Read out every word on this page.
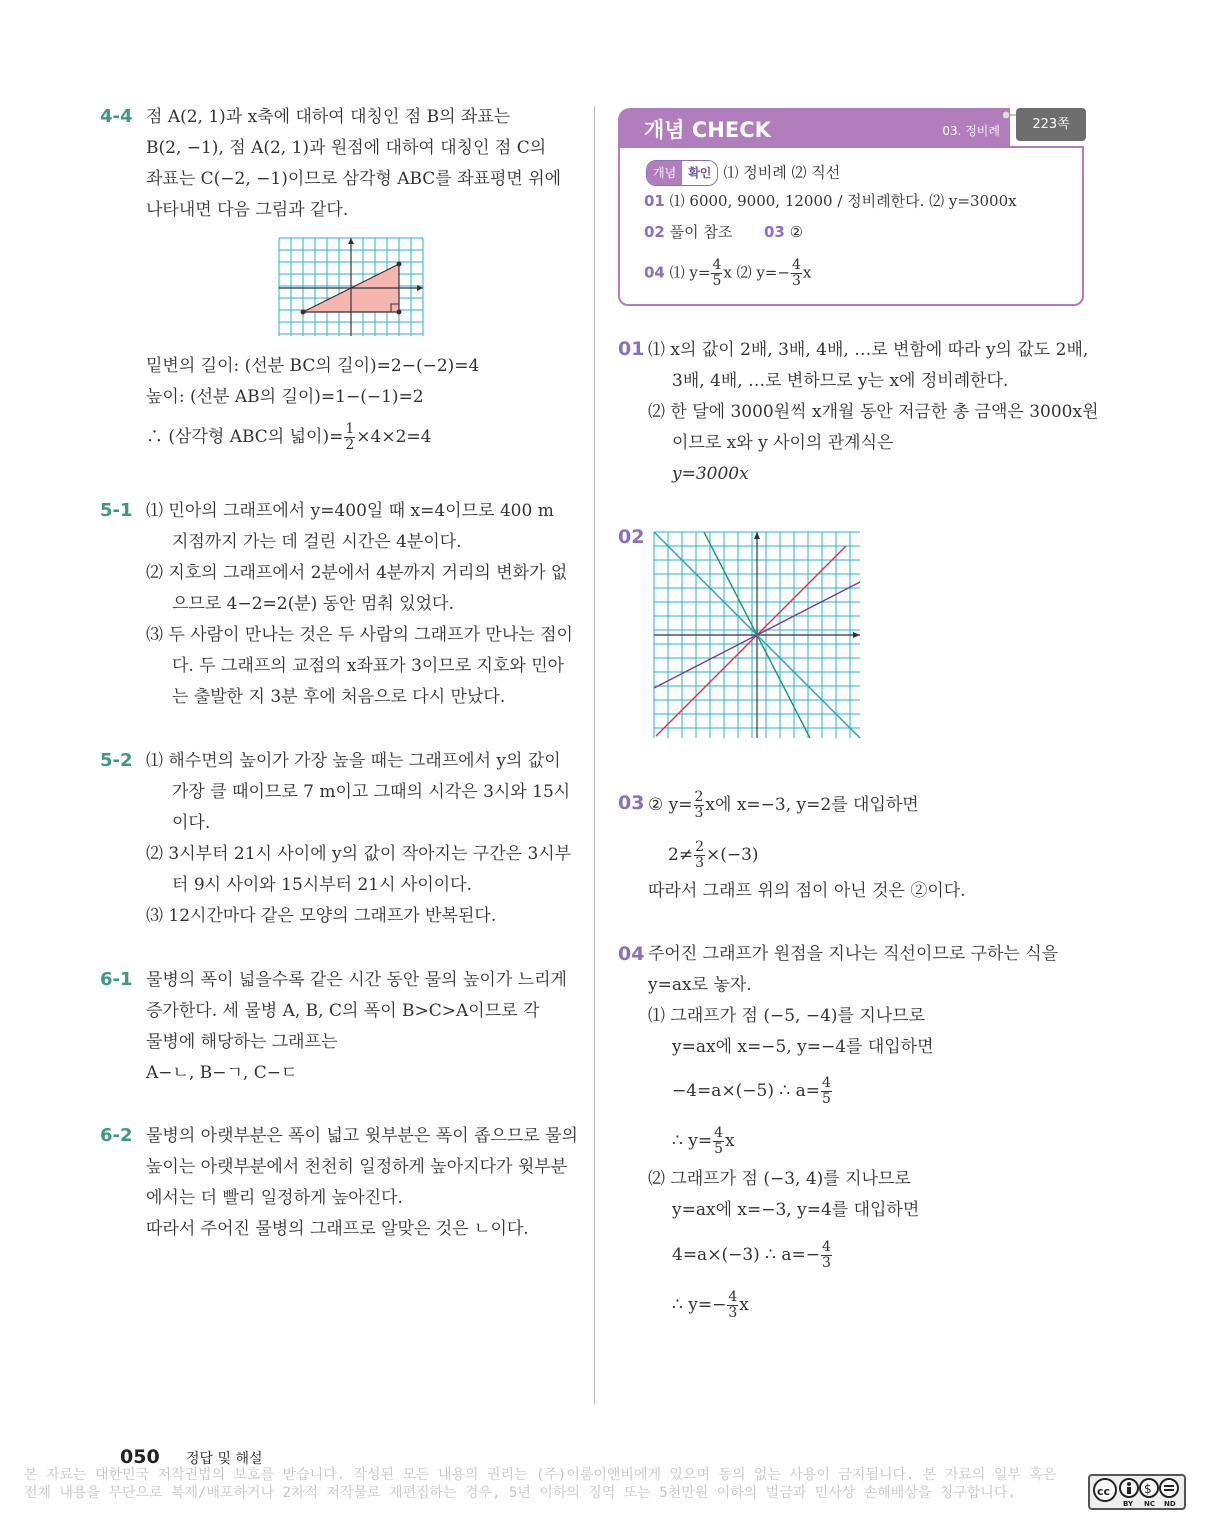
4-4 점 A(2, 1)과 x축에 대하여 대칭인 점 B의 좌표는
B(2, −1), 점 A(2, 1)과 원점에 대하여 대칭인 점 C의
좌표는 C(−2, −1)이므로 삼각형 ABC를 좌표평면 위에
나타내면 다음 그림과 같다.
밑변의 길이: (선분 BC의 길이)=2−(−2)=4
높이: (선분 AB의 길이)=1−(−1)=2
∴ (삼각형 ABC의 넓이)= $\frac{1}{2} \times 4\times 2=4$
5-1 ⑴ 민아의 그래프에서 y=400일 때 x=4이므로 400 m
지점까지 가는 데 걸린 시간은 4분이다.
⑵ 지호의 그래프에서 2분에서 4분까지 거리의 변화가 없
으므로 4−2=2(분) 동안 멈춰 있었다.
⑶ 두 사람이 만나는 것은 두 사람의 그래프가 만나는 점이
다. 두 그래프의 교점의 x좌표가 3이므로 지호와 민아
는 출발한 지 3분 후에 처음으로 다시 만났다.
5-2 ⑴ 해수면의 높이가 가장 높을 때는 그래프에서 y의 값이
가장 클 때이므로 7 m이고 그때의 시각은 3시와 15시
이다.
⑵ 3시부터 21시 사이에 y의 값이 작아지는 구간은 3시부
터 9시 사이와 15시부터 21시 사이이다.
⑶ 12시간마다 같은 모양의 그래프가 반복된다.
6-1 물병의 폭이 넓을수록 같은 시간 동안 물의 높이가 느리게
증가한다. 세 물병 A, B, C의 폭이 B>C>A이므로 각
물병에 해당하는 그래프는
A−ㄴ, B−ㄱ, C−ㄷ
6-2 물병의 아랫부분은 폭이 넓고 윗부분은 폭이 좁으므로 물의
높이는 아랫부분에서 천천히 일정하게 높아지다가 윗부분
에서는 더 빨리 일정하게 높아진다.
따라서 주어진 물병의 그래프로 알맞은 것은 ㄴ이다.
개념 CHECK	03. 정비례	223쪽
개념 확인 ⑴ 정비례 ⑵ 직선
01 ⑴ 6000, 9000, 12000 / 정비례한다. ⑵ y=3000x
02 풀이 참조 03 ②
04 ⑴ $y= \frac{4}{5}$ x ⑵ $y=- \frac{4}{3}$ x
01 ⑴ x의 값이 2배, 3배, 4배, …로 변함에 따라 y의 값도 2배,
3배, 4배, …로 변하므로 y는 x에 정비례한다.
⑵ 한 달에 3000원씩 x개월 동안 저금한 총 금액은 3000x원
이므로 x와 y 사이의 관계식은
y=3000x
02
03 ② $y= \frac{2}{3}$ x에 x=−3, y=2를 대입하면
$2\ne \frac{2}{3} \times(-3)$
따라서 그래프 위의 점이 아닌 것은 ②이다.
04 주어진 그래프가 원점을 지나는 직선이므로 구하는 식을
y=ax로 놓자.
⑴ 그래프가 점 (−5, −4)를 지나므로
y=ax에 x=−5, y=−4를 대입하면
−4=a×(−5) ∴ $a= \frac{4}{5}$
∴ $y= \frac{4}{5}$ x
⑵ 그래프가 점 (−3, 4)를 지나므로
y=ax에 x=−3, y=4를 대입하면
4=a×(−3) ∴ $a=- \frac{4}{3}$
∴ $y=- \frac{4}{3}$ x
050 정답 및 해설
본 자료는 대한민국 저작권법의 보호를 받습니다. 작성된 모든 내용의 권리는 (주)이룸이앤비에게 있으며 동의 없는 사용이 금지됩니다. 본 자료의 일부 혹은 전체 내용을 무단으로 복제/배포하거나 2차적 저작물로 재편집하는 경우, 5년 이하의 징역 또는 5천만원 이하의 벌금과 민사상 손해배상을 청구합니다.	cc	$
BY NC ND
